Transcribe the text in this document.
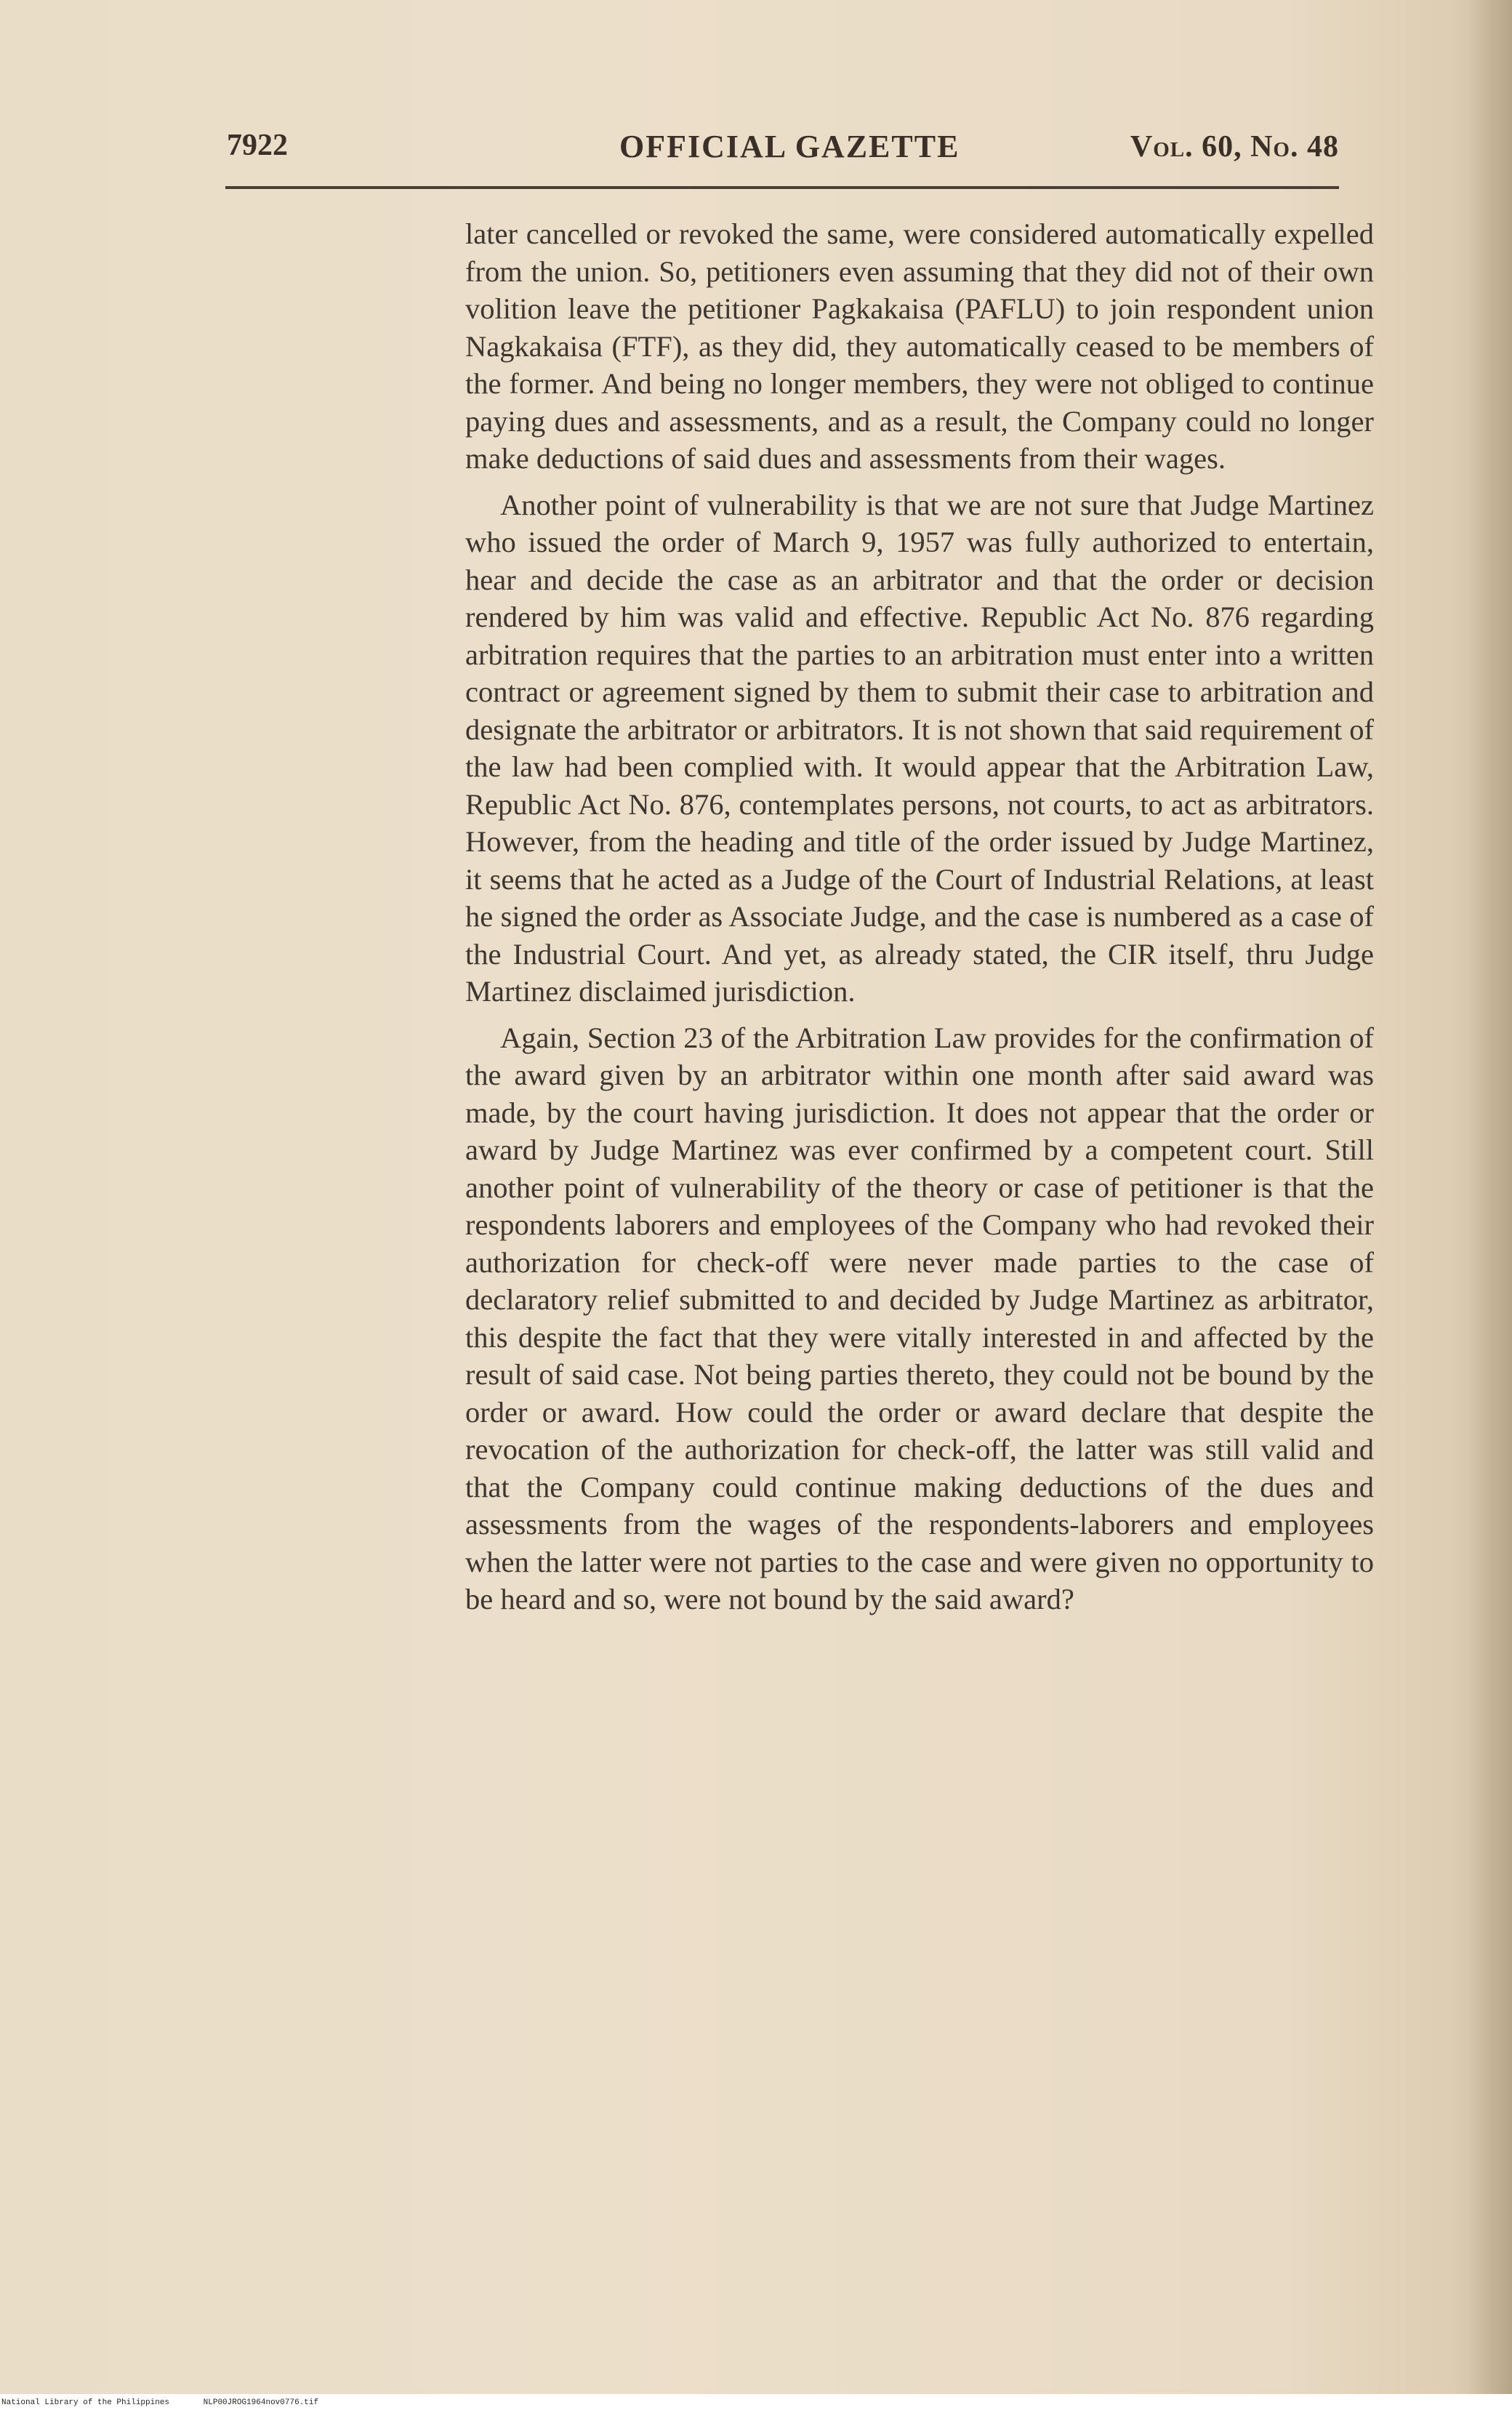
7922	OFFICIAL GAZETTE	Vol. 60, No. 48

later cancelled or revoked the same, were considered automatically expelled from the union. So, petitioners even assuming that they did not of their own volition leave the petitioner Pagkakaisa (PAFLU) to join respondent union Nagkakaisa (FTF), as they did, they automatically ceased to be members of the former. And being no longer members, they were not obliged to continue paying dues and assessments, and as a result, the Company could no longer make deductions of said dues and assessments from their wages.

Another point of vulnerability is that we are not sure that Judge Martinez who issued the order of March 9, 1957 was fully authorized to entertain, hear and decide the case as an arbitrator and that the order or decision rendered by him was valid and effective. Republic Act No. 876 regarding arbitration requires that the parties to an arbitration must enter into a written contract or agreement signed by them to submit their case to arbitration and designate the arbitrator or arbitrators. It is not shown that said requirement of the law had been complied with. It would appear that the Arbitration Law, Republic Act No. 876, contemplates persons, not courts, to act as arbitrators. However, from the heading and title of the order issued by Judge Martinez, it seems that he acted as a Judge of the Court of Industrial Relations, at least he signed the order as Associate Judge, and the case is numbered as a case of the Industrial Court. And yet, as already stated, the CIR itself, thru Judge Martinez disclaimed jurisdiction.

Again, Section 23 of the Arbitration Law provides for the confirmation of the award given by an arbitrator within one month after said award was made, by the court having jurisdiction. It does not appear that the order or award by Judge Martinez was ever confirmed by a competent court. Still another point of vulnerability of the theory or case of petitioner is that the respondents laborers and employees of the Company who had revoked their authorization for check-off were never made parties to the case of declaratory relief submitted to and decided by Judge Martinez as arbitrator, this despite the fact that they were vitally interested in and affected by the result of said case. Not being parties thereto, they could not be bound by the order or award. How could the order or award declare that despite the revocation of the authorization for check-off, the latter was still valid and that the Company could continue making deductions of the dues and assessments from the wages of the respondents-laborers and employees when the latter were not parties to the case and were given no opportunity to be heard and so, were not bound by the said award?

National Library of the Philippines	NLP00JROG1964nov0776.tif
